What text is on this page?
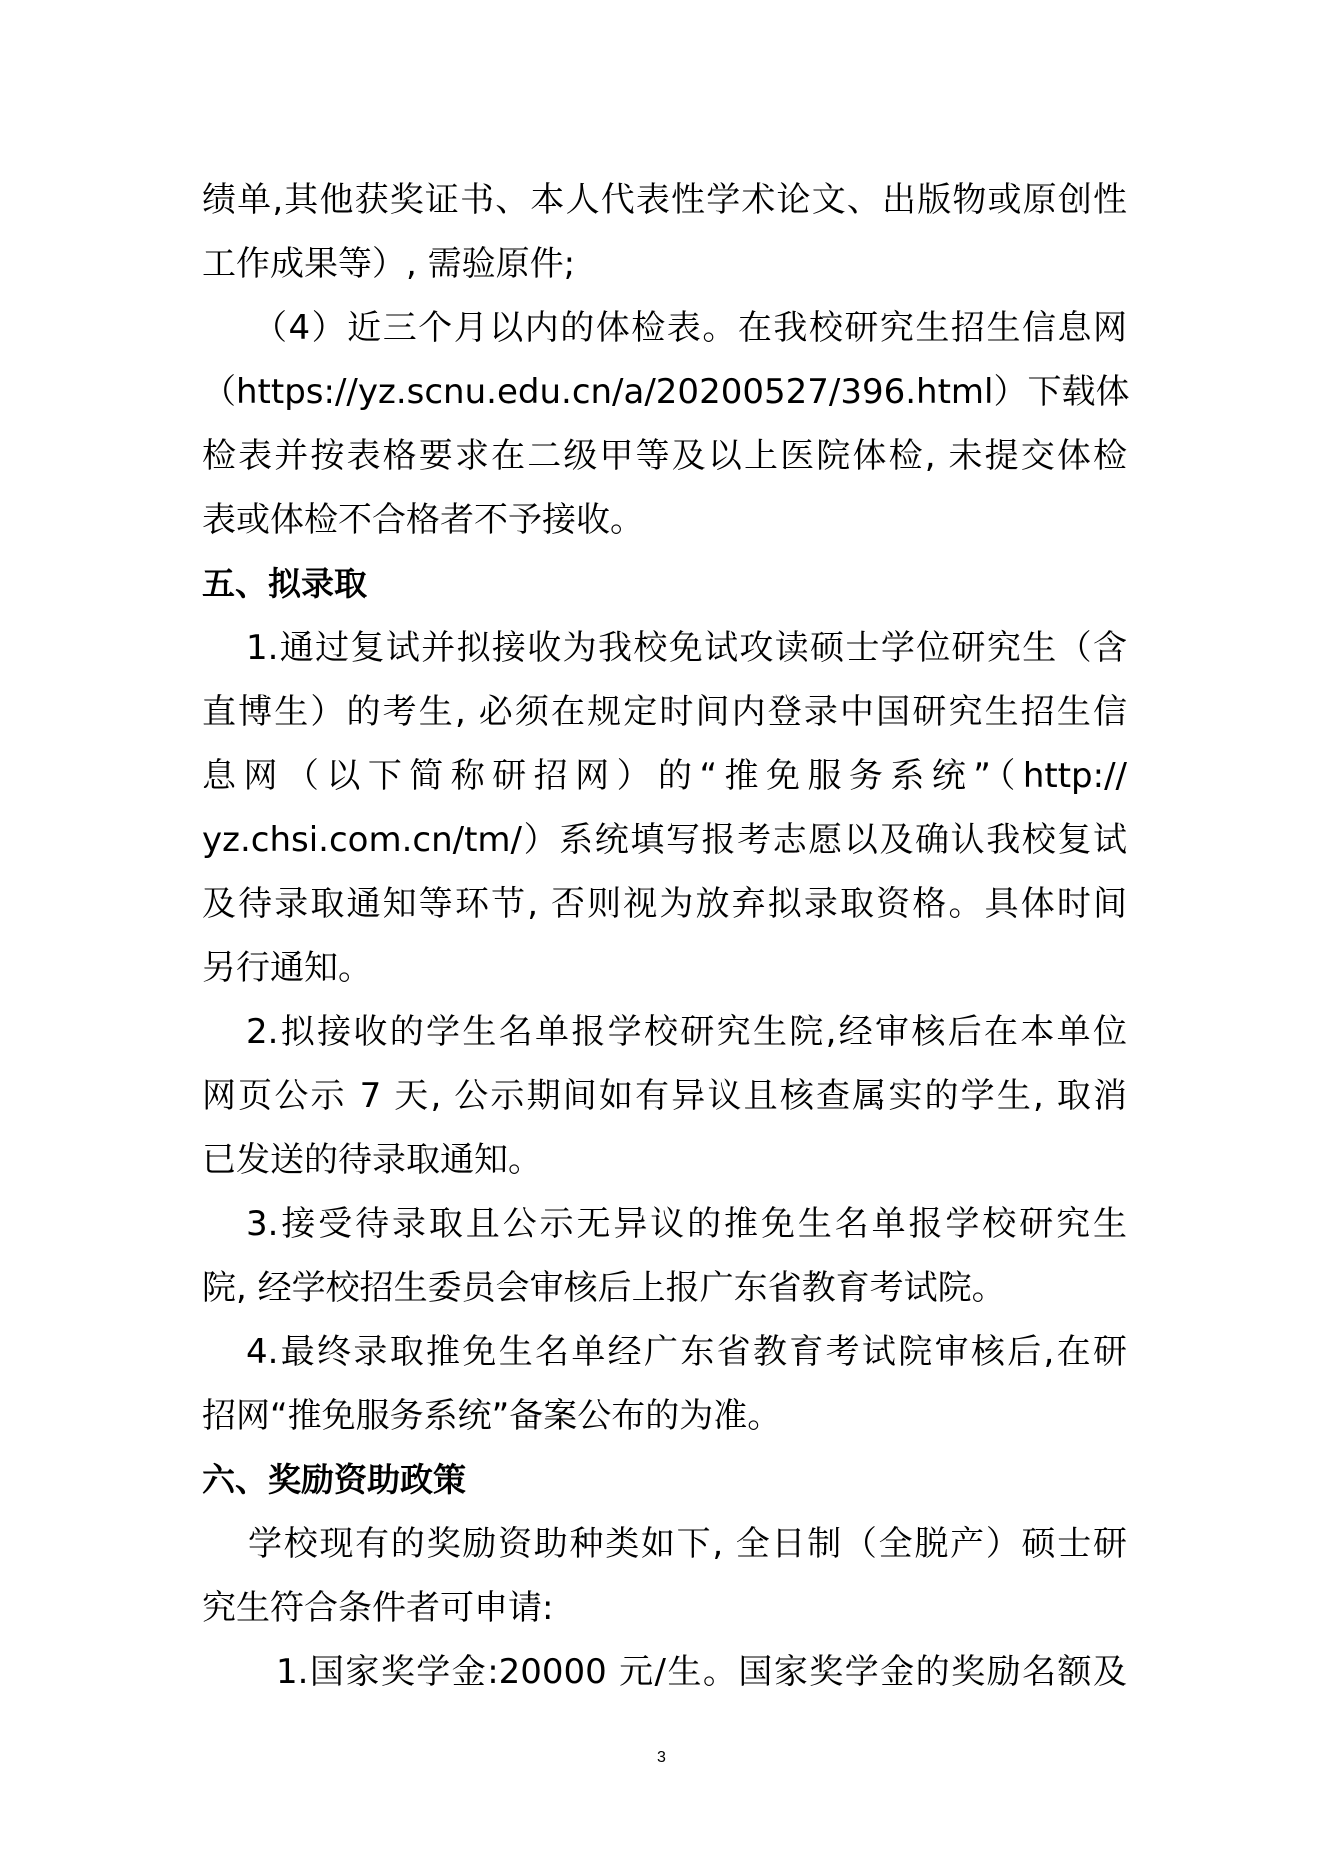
绩单,其他获奖证书、本人代表性学术论文、出版物或原创性
工作成果等）, 需验原件;
（4）近三个月以内的体检表。在我校研究生招生信息网
（https://yz.scnu.edu.cn/a/20200527/396.html）下载体
检表并按表格要求在二级甲等及以上医院体检, 未提交体检
表或体检不合格者不予接收。
五、拟录取
1.通过复试并拟接收为我校免试攻读硕士学位研究生（含
直博生）的考生, 必须在规定时间内登录中国研究生招生信
息网（以下简称研招网）的“推免服务系统”（http://
yz.chsi.com.cn/tm/）系统填写报考志愿以及确认我校复试
及待录取通知等环节, 否则视为放弃拟录取资格。具体时间
另行通知。
2.拟接收的学生名单报学校研究生院,经审核后在本单位
网页公示 7 天, 公示期间如有异议且核查属实的学生, 取消
已发送的待录取通知。
3.接受待录取且公示无异议的推免生名单报学校研究生
院, 经学校招生委员会审核后上报广东省教育考试院。
4.最终录取推免生名单经广东省教育考试院审核后,在研
招网“推免服务系统”备案公布的为准。
六、奖励资助政策
学校现有的奖励资助种类如下, 全日制（全脱产）硕士研
究生符合条件者可申请:
1.国家奖学金:20000 元/生。国家奖学金的奖励名额及
3
